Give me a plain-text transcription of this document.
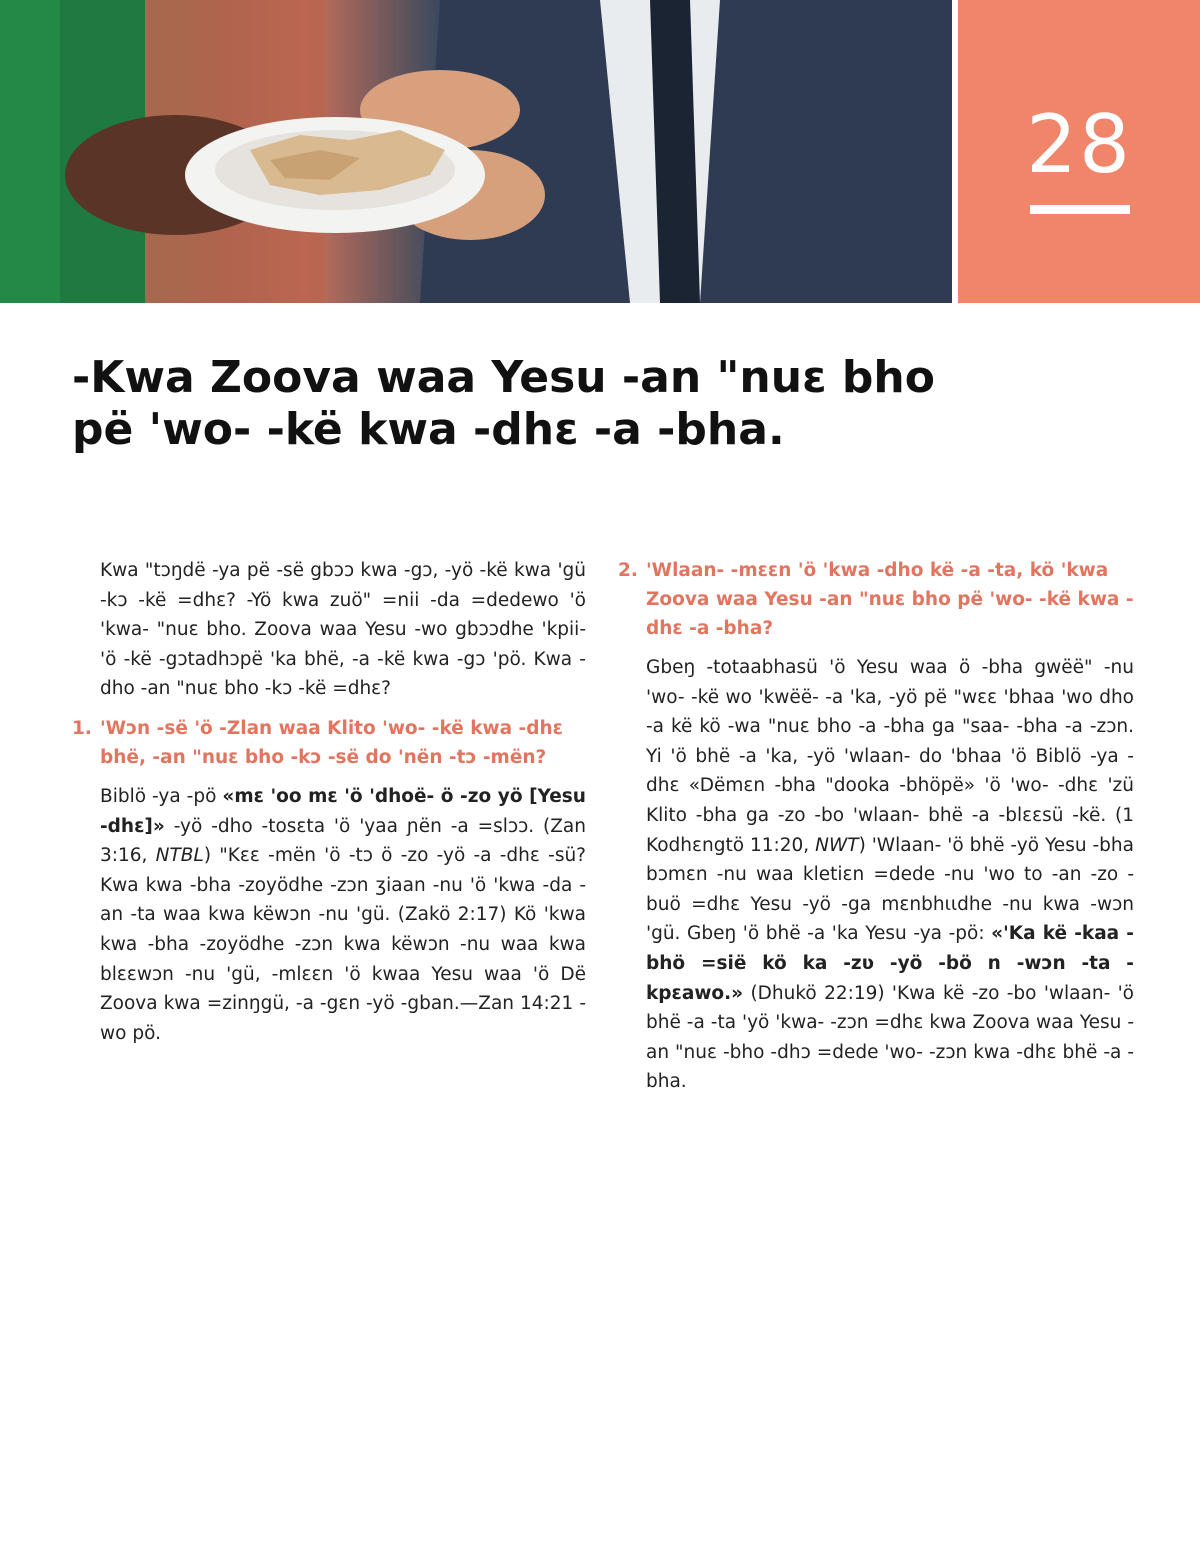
28
-Kwa Zoova waa Yesu -an "nuɛ bho pë 'wo- -kë kwa -dhɛ -a -bha.

Kwa "tɔŋdë -ya pë -së gbɔɔ kwa -gɔ, -yö -kë kwa 'gü -kɔ -kë =dhɛ? -Yö kwa zuö" =nii -da =dedewo 'ö 'kwa- "nuɛ bho. Zoova waa Yesu -wo gbɔɔdhe 'kpii- 'ö -kë -gɔtadhɔpë 'ka bhë, -a -kë kwa -gɔ 'pö. Kwa -dho -an "nuɛ bho -kɔ -kë =dhɛ?

1. 'Wɔn -së 'ö -Zlan waa Klito 'wo- -kë kwa -dhɛ bhë, -an "nuɛ bho -kɔ -së do 'nën -tɔ -mën?

Biblö -ya -pö «mɛ 'oo mɛ 'ö 'dhoë- ö -zo yö [Yesu -dhɛ]» -yö -dho -tosɛta 'ö 'yaa ɲën -a =slɔɔ. (Zan 3:16, NTBL) "Kɛɛ -mën 'ö -tɔ ö -zo -yö -a -dhɛ -sü? Kwa kwa -bha -zoyödhe -zɔn ʒiaan -nu 'ö 'kwa -da -an -ta waa kwa këwɔn -nu 'gü. (Zakö 2:17) Kö 'kwa kwa -bha -zoyödhe -zɔn kwa këwɔn -nu waa kwa blɛɛwɔn -nu 'gü, -mlɛɛn 'ö kwaa Yesu waa 'ö Dë Zoova kwa =zinŋgü, -a -gɛn -yö -gban.—Zan 14:21 -wo pö.

2. 'Wlaan- -mɛɛn 'ö 'kwa -dho kë -a -ta, kö 'kwa Zoova waa Yesu -an "nuɛ bho pë 'wo- -kë kwa -dhɛ -a -bha?

Gbeŋ -totaabhasü 'ö Yesu waa ö -bha gwëë" -nu 'wo- -kë wo 'kwëë- -a 'ka, -yö pë "wɛɛ 'bhaa 'wo dho -a kë kö -wa "nuɛ bho -a -bha ga "saa- -bha -a -zɔn. Yi 'ö bhë -a 'ka, -yö 'wlaan- do 'bhaa 'ö Biblö -ya -dhɛ «Dëmɛn -bha "dooka -bhöpë» 'ö 'wo- -dhɛ 'zü Klito -bha ga -zo -bo 'wlaan- bhë -a -blɛɛsü -kë. (1 Kodhɛngtö 11:20, NWT) 'Wlaan- 'ö bhë -yö Yesu -bha bɔmɛn -nu waa kletiɛn =dede -nu 'wo to -an -zo -buö =dhɛ Yesu -yö -ga mɛnbhɩɩdhe -nu kwa -wɔn 'gü. Gbeŋ 'ö bhë -a 'ka Yesu -ya -pö: «'Ka kë -kaa -bhö =sië kö ka -zʋ -yö -bö n -wɔn -ta -kpɛawo.» (Dhukö 22:19) 'Kwa kë -zo -bo 'wlaan- 'ö bhë -a -ta 'yö 'kwa- -zɔn =dhɛ kwa Zoova waa Yesu -an "nuɛ -bho -dhɔ =dede 'wo- -zɔn kwa -dhɛ bhë -a -bha.
